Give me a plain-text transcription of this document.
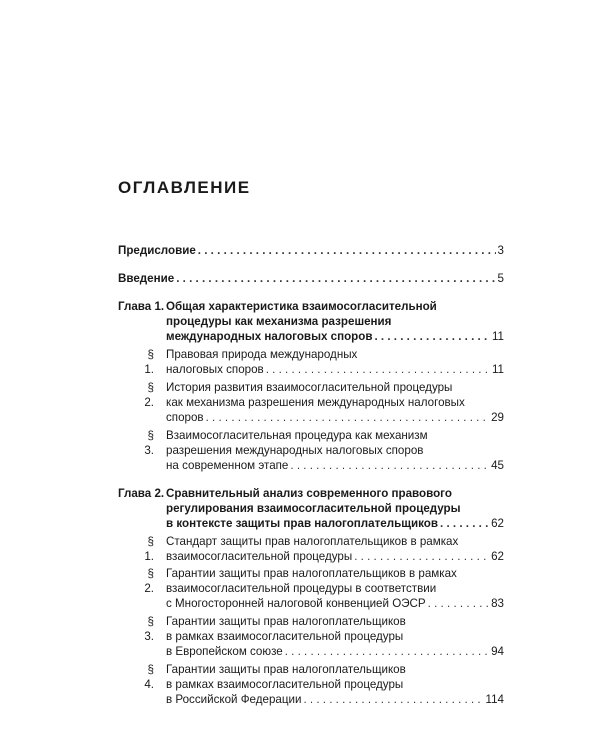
ОГЛАВЛЕНИЕ
Предисловие . . .	3
Введение . . .	5
Глава 1. Общая характеристика взаимосогласительной
процедуры как механизма разрешения
международных налоговых споров . . .	11
§ 1.
Правовая природа международных
налоговых споров . . .	11
§ 2.
История развития взаимосогласительной процедуры
как механизма разрешения международных налоговых
споров . . .	29
§ 3.
Взаимосогласительная процедура как механизм
разрешения международных налоговых споров
на современном этапе . . .	45
Глава 2. Сравнительный анализ современного правового
регулирования взаимосогласительной процедуры
в контексте защиты прав налогоплательщиков . . .	62
§ 1.
Стандарт защиты прав налогоплательщиков в рамках
взаимосогласительной процедуры . . .	62
§ 2.
Гарантии защиты прав налогоплательщиков в рамках
взаимосогласительной процедуры в соответствии
с Многосторонней налоговой конвенцией ОЭСР . . .	83
§ 3.
Гарантии защиты прав налогоплательщиков
в рамках взаимосогласительной процедуры
в Европейском союзе . . .	94
§ 4.
Гарантии защиты прав налогоплательщиков
в рамках взаимосогласительной процедуры
в Российской Федерации . . .	114
